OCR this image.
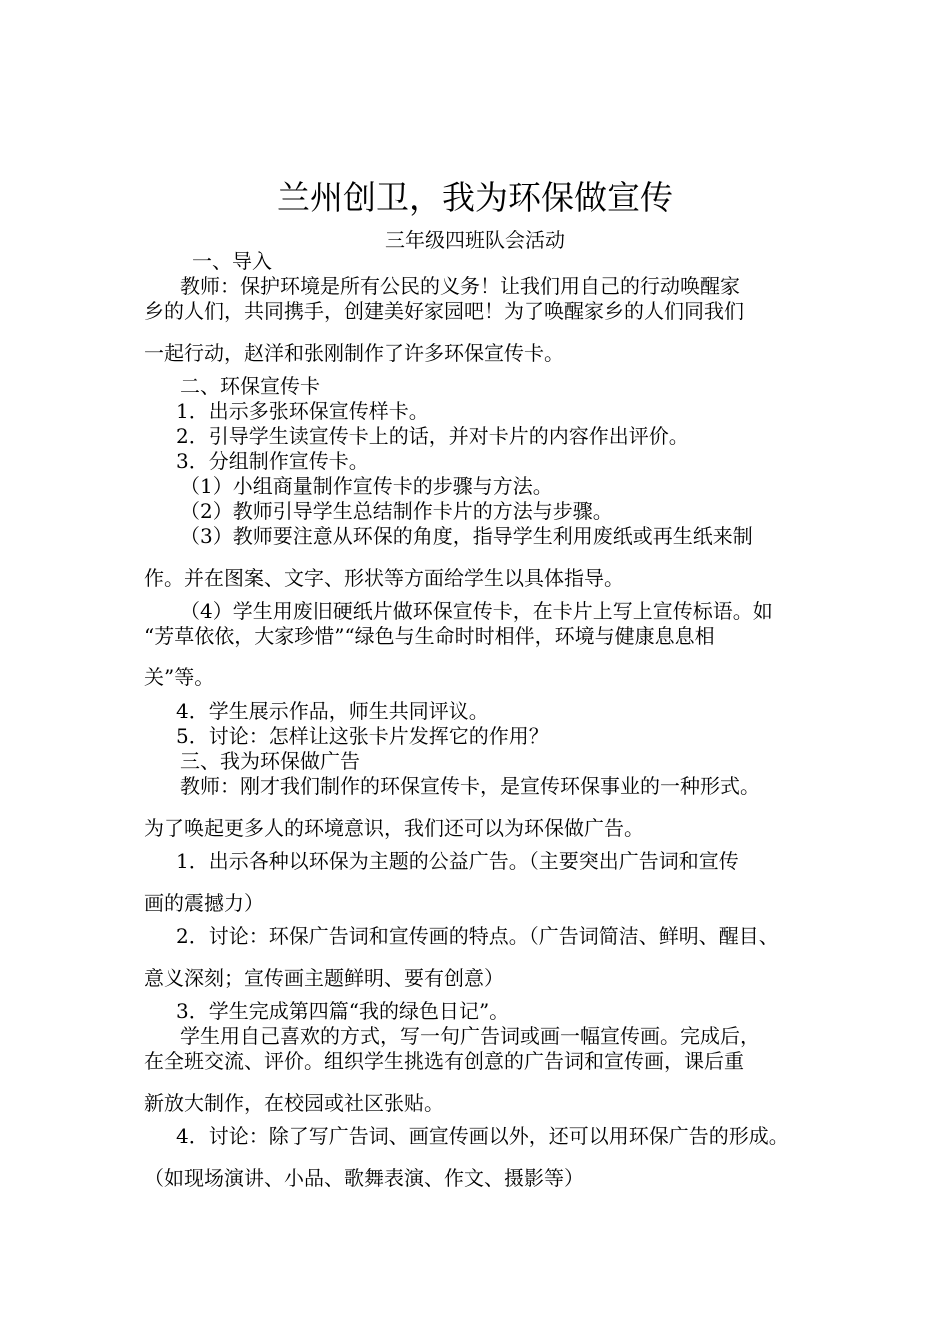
兰州创卫，我为环保做宣传

三年级四班队会活动

一、导入

教师：保护环境是所有公民的义务！让我们用自己的行动唤醒家

乡的人们，共同携手，创建美好家园吧！为了唤醒家乡的人们同我们

一起行动，赵洋和张刚制作了许多环保宣传卡。

二、环保宣传卡

1．出示多张环保宣传样卡。

2．引导学生读宣传卡上的话，并对卡片的内容作出评价。

3．分组制作宣传卡。

（1）小组商量制作宣传卡的步骤与方法。

（2）教师引导学生总结制作卡片的方法与步骤。

（3）教师要注意从环保的角度，指导学生利用废纸或再生纸来制

作。并在图案、文字、形状等方面给学生以具体指导。

（4）学生用废旧硬纸片做环保宣传卡，在卡片上写上宣传标语。如

“芳草依依，大家珍惜”“绿色与生命时时相伴，环境与健康息息相

关”等。

4．学生展示作品，师生共同评议。

5．讨论：怎样让这张卡片发挥它的作用？

三、我为环保做广告

教师：刚才我们制作的环保宣传卡，是宣传环保事业的一种形式。

为了唤起更多人的环境意识，我们还可以为环保做广告。

1．出示各种以环保为主题的公益广告。（主要突出广告词和宣传

画的震撼力）

2．讨论：环保广告词和宣传画的特点。（广告词简洁、鲜明、醒目、

意义深刻；宣传画主题鲜明、要有创意）

3．学生完成第四篇“我的绿色日记”。

学生用自己喜欢的方式，写一句广告词或画一幅宣传画。完成后，

在全班交流、评价。组织学生挑选有创意的广告词和宣传画，课后重

新放大制作，在校园或社区张贴。

4．讨论：除了写广告词、画宣传画以外，还可以用环保广告的形成。

（如现场演讲、小品、歌舞表演、作文、摄影等）
